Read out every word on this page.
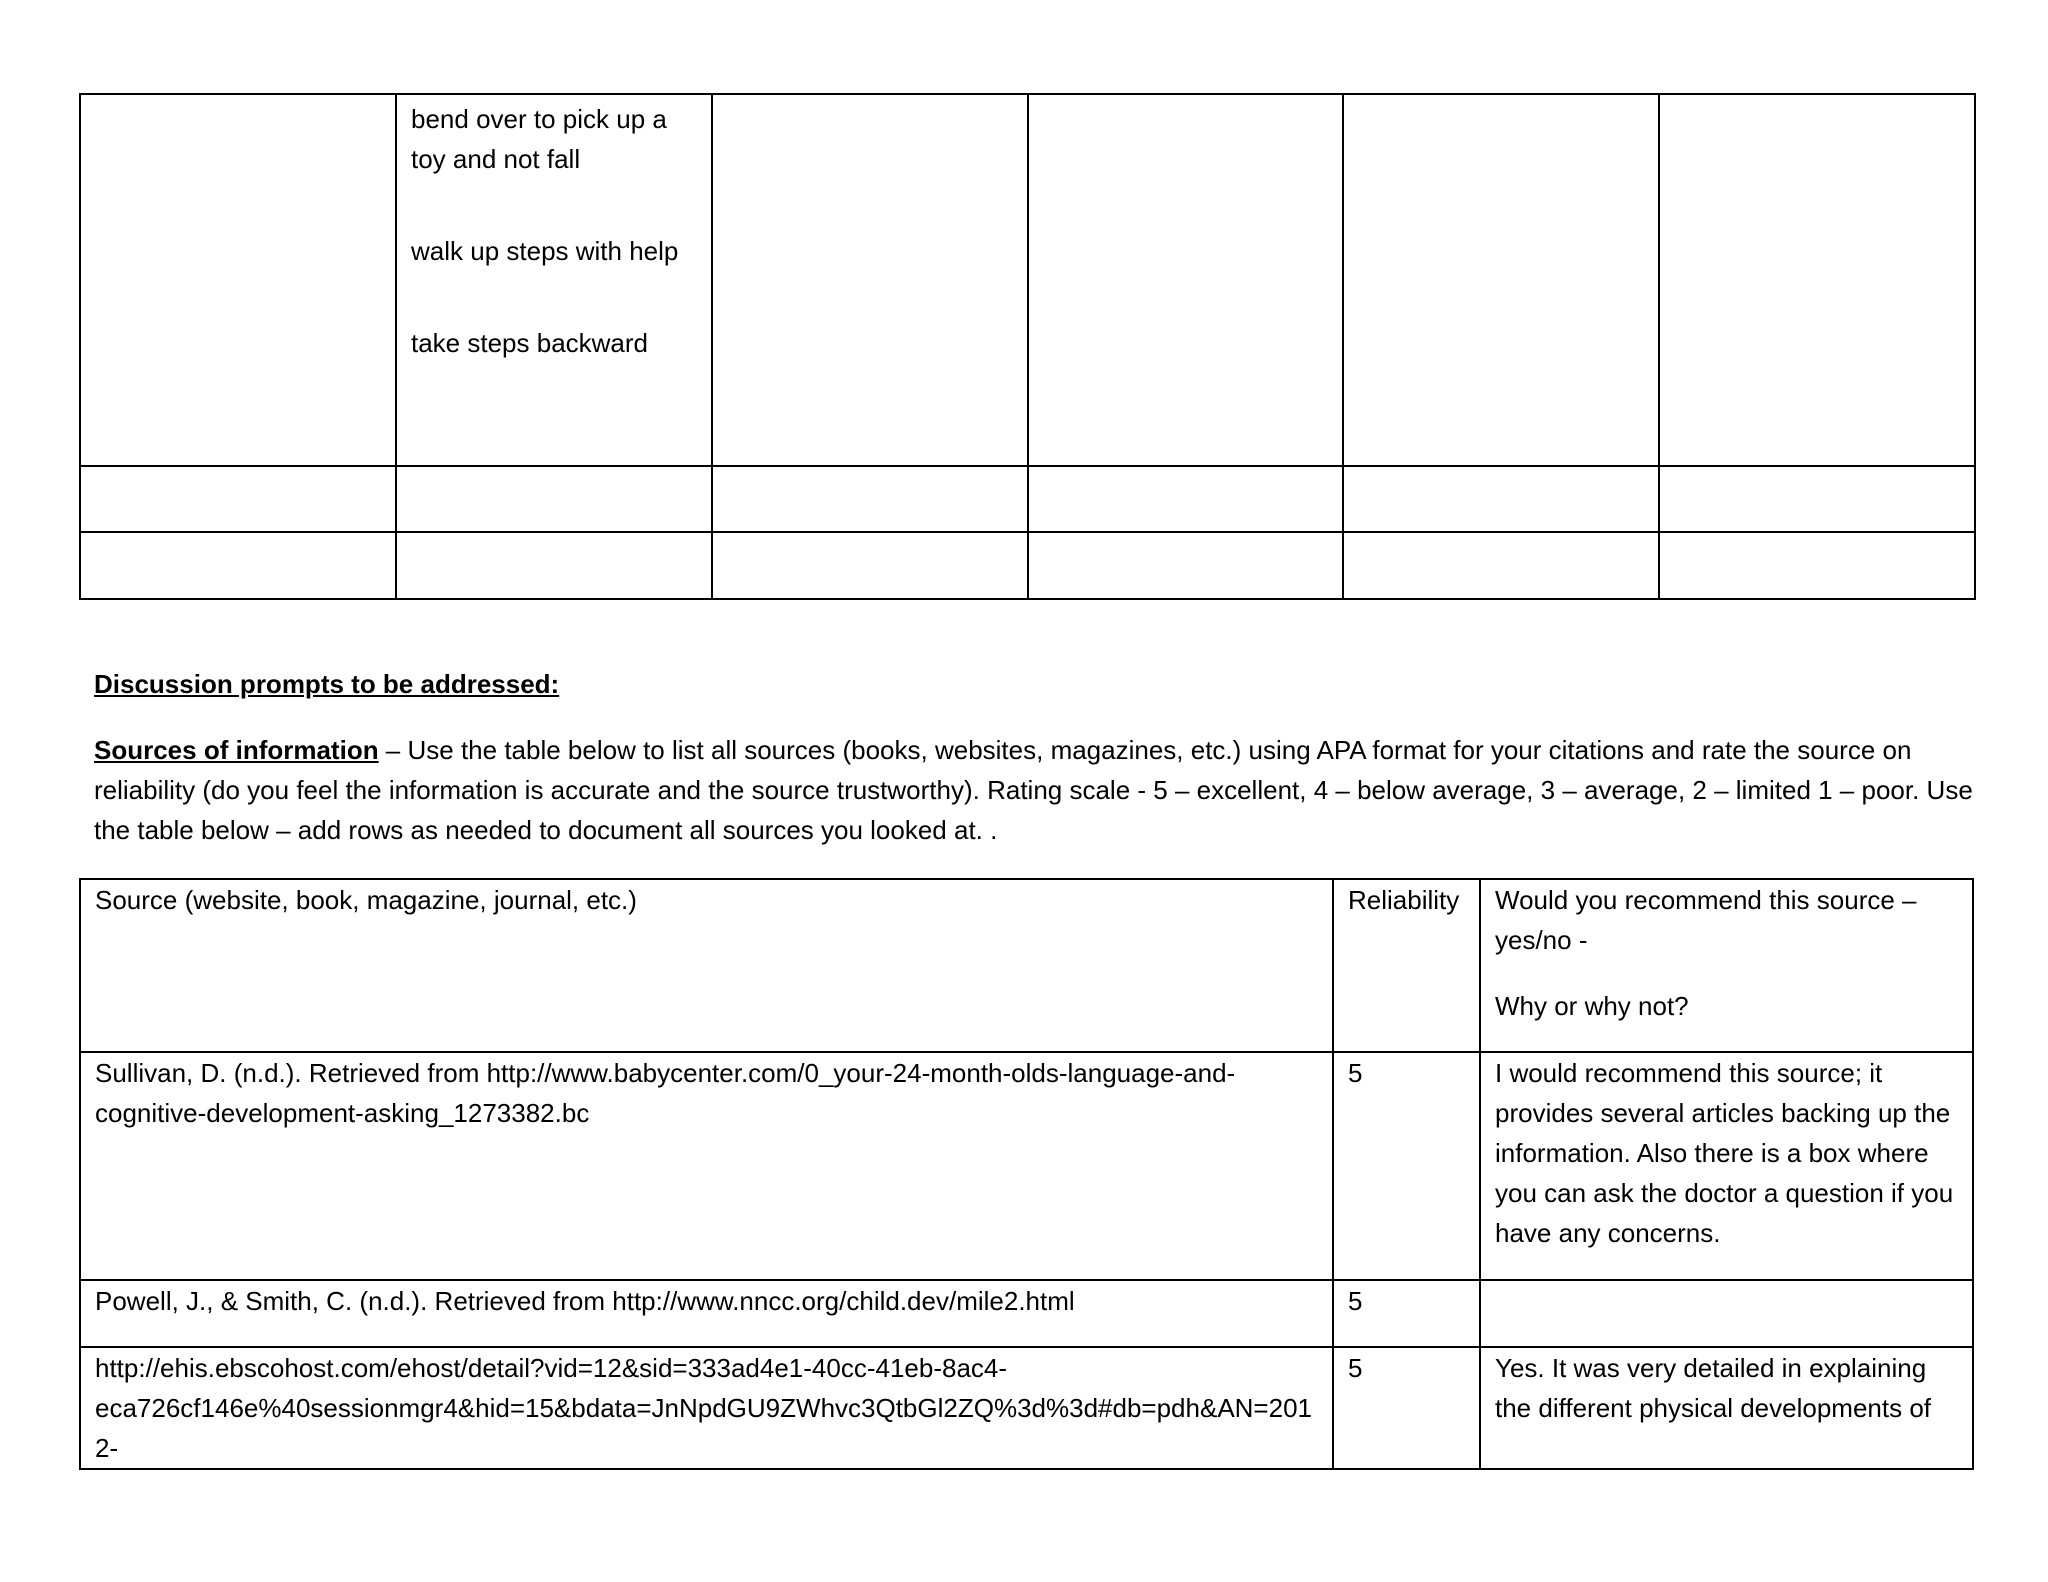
	bend over to pick up a
toy and not fall
walk up steps with help
take steps backward				

Discussion prompts to be addressed:
Sources of information – Use the table below to list all sources (books, websites, magazines, etc.) using APA format for your citations and rate the source on reliability (do you feel the information is accurate and the source trustworthy). Rating scale - 5 – excellent, 4 – below average, 3 – average, 2 – limited 1 – poor. Use the table below – add rows as needed to document all sources you looked at. .
Source (website, book, magazine, journal, etc.)	Reliability	Would you recommend this source – yes/no -
Why or why not?

Sullivan, D. (n.d.). Retrieved from http://www.babycenter.com/0_your-24-month-olds-language-and-cognitive-development-asking_1273382.bc	5	I would recommend this source; it provides several articles backing up the information. Also there is a box where you can ask the doctor a question if you have any concerns.
Powell, J., & Smith, C. (n.d.). Retrieved from http://www.nncc.org/child.dev/mile2.html	5	
http://ehis.ebscohost.com/ehost/detail?vid=12&sid=333ad4e1-40cc-41eb-8ac4-eca726cf146e%40sessionmgr4&hid=15&bdata=JnNpdGU9ZWhvc3QtbGl2ZQ%3d%3d#db=pdh&AN=2012-	5	Yes. It was very detailed in explaining the different physical developments of
